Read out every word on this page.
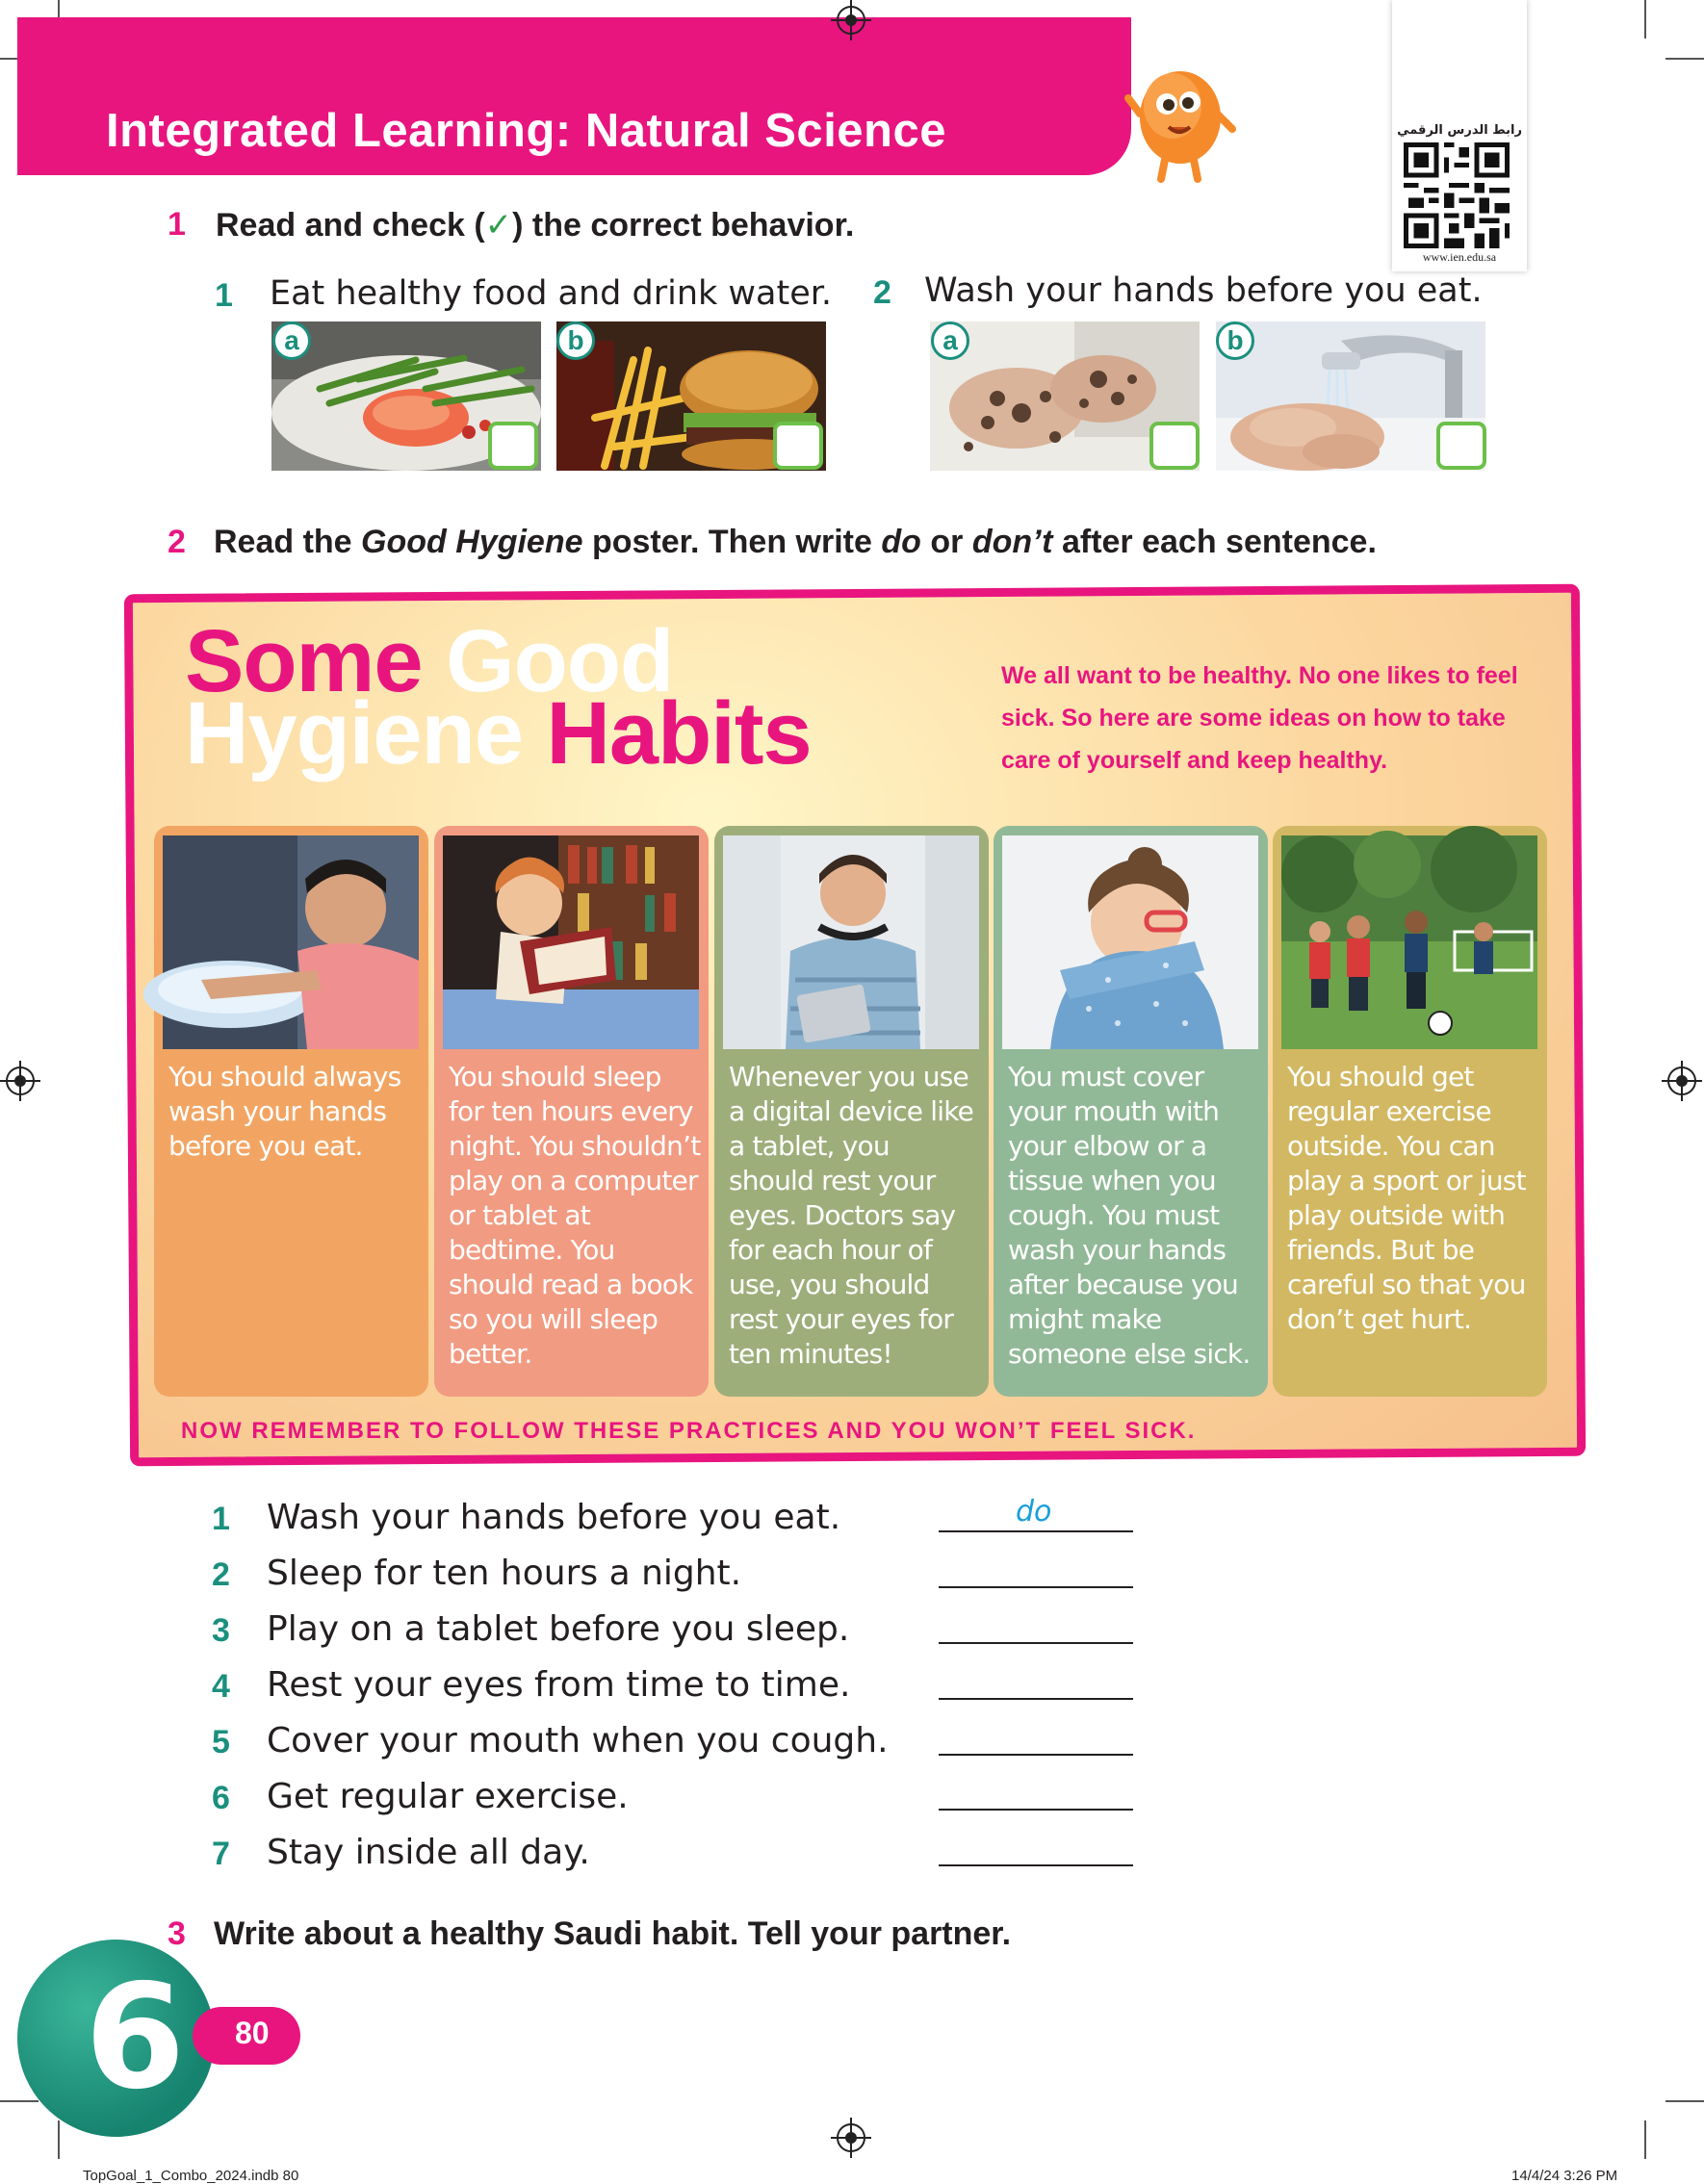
Integrated Learning: Natural Science	رابط الدرس الرقمي
www.ien.edu.sa
1 Read and check (✓) the correct behavior.
1 Eat healthy food and drink water. 2 Wash your hands before you eat.
a	b	a	b
2 Read the Good Hygiene poster. Then write do or don’t after each sentence.
Some Good
Hygiene Habits
We all want to be healthy. No one likes to feel sick. So here are some ideas on how to take care of yourself and keep healthy.
You should always wash your hands before you eat.
You should sleep for ten hours every night. You shouldn’t play on a computer or tablet at bedtime. You should read a book so you will sleep better.
Whenever you use a digital device like a tablet, you should rest your eyes. Doctors say for each hour of use, you should rest your eyes for ten minutes!
You must cover your mouth with your elbow or a tissue when you cough. You must wash your hands after because you might make someone else sick.
You should get regular exercise outside. You can play a sport or just play outside with friends. But be careful so that you don’t get hurt.
NOW REMEMBER TO FOLLOW THESE PRACTICES AND YOU WON’T FEEL SICK.
1 Wash your hands before you eat.	do
2 Sleep for ten hours a night.
3 Play on a tablet before you sleep.
4 Rest your eyes from time to time.
5 Cover your mouth when you cough.
6 Get regular exercise.
7 Stay inside all day.
3 Write about a healthy Saudi habit. Tell your partner.
6 80
TopGoal_1_Combo_2024.indb 80	14/4/24 3:26 PM
